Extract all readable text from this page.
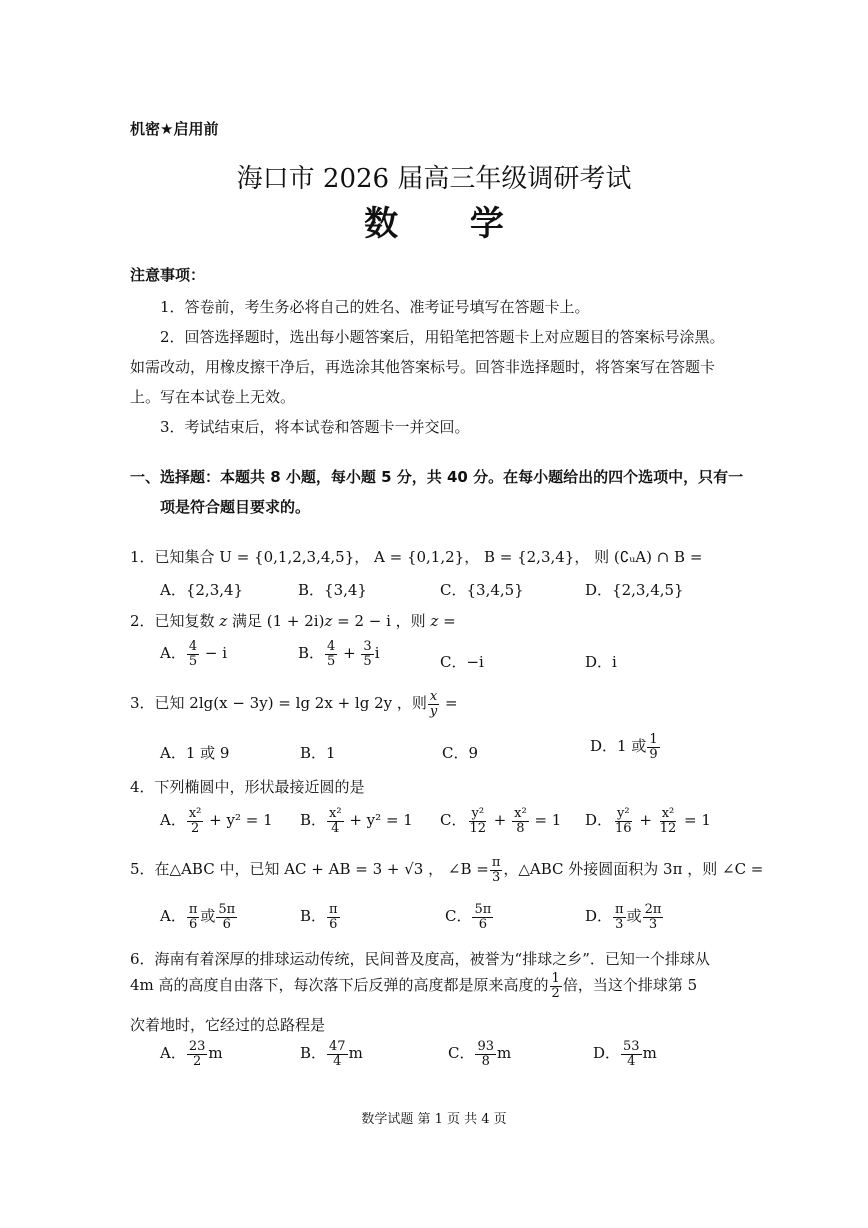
机密★启用前
海口市 2026 届高三年级调研考试
数 学
注意事项：
1．答卷前，考生务必将自己的姓名、准考证号填写在答题卡上。
2．回答选择题时，选出每小题答案后，用铅笔把答题卡上对应题目的答案标号涂黑。
如需改动，用橡皮擦干净后，再选涂其他答案标号。回答非选择题时，将答案写在答题卡
上。写在本试卷上无效。
3．考试结束后，将本试卷和答题卡一并交回。
一、选择题：本题共 8 小题，每小题 5 分，共 40 分。在每小题给出的四个选项中，只有一
项是符合题目要求的。
1．已知集合 U = {0,1,2,3,4,5}， A = {0,1,2}， B = {2,3,4}， 则 (∁ᵤA) ∩ B =
A．{2,3,4}	B．{3,4}	C．{3,4,5}	D．{2,3,4,5}
2．已知复数 z 满足 (1 + 2i)z = 2 − i ，则 z =
A． $\frac{4}{5} - i$	B． $\frac{4}{5} + \frac{3}{5}$ i	C．−i	D．i
3．已知 2lg(x − 3y) = lg 2x + lg 2y ，则 $\frac{x}{y}$ =
A．1 或 9	B．1	C．9	D．1 或 $\frac{1}{9}$
4．下列椭圆中，形状最接近圆的是
A． $\frac{\text{x²}}{2} + y^2 = 1$ B． $\frac{\text{x²}}{4} + y^2 = 1$ C． $\frac{\text{y²}}{12} + \frac{\text{x²}}{8} = 1$ D． $\frac{\text{y²}}{16} + \frac{\text{x²}}{12} = 1$
5．在△ABC 中，已知 AC + AB = 3 + √3 ， ∠B = $\frac{\pi}{3}$ ，△ABC 外接圆面积为 3π ，则 ∠C =
A． $\frac{\pi}{6}$ 或 $\frac{5\pi}{6}$	B． $\frac{\pi}{6}$	C． $\frac{5\pi}{6}$	D． $\frac{\pi}{3}$ 或 $\frac{2\pi}{3}$
6．海南有着深厚的排球运动传统，民间普及度高，被誉为“排球之乡”．已知一个排球从
4m 高的高度自由落下，每次落下后反弹的高度都是原来高度的 $\frac{1}{2}$ 倍，当这个排球第 5
次着地时，它经过的总路程是
A． $\frac{23}{2}$ m	B． $\frac{47}{4}$ m	C． $\frac{93}{8}$ m	D． $\frac{53}{4}$ m
数学试题 第 1 页 共 4 页
